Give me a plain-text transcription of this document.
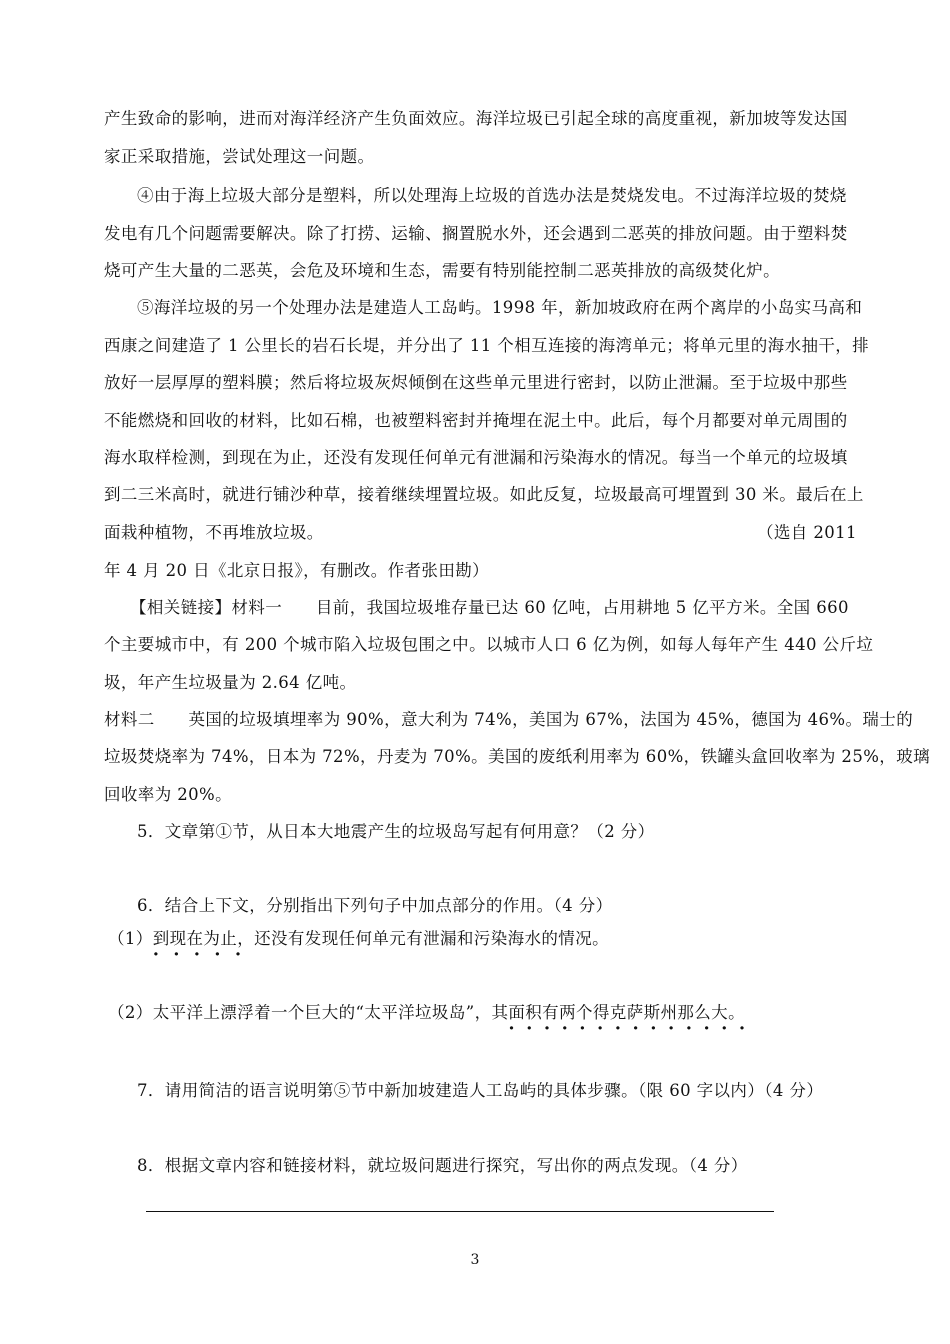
产生致命的影响，进而对海洋经济产生负面效应。海洋垃圾已引起全球的高度重视，新加坡等发达国
家正采取措施，尝试处理这一问题。
④由于海上垃圾大部分是塑料，所以处理海上垃圾的首选办法是焚烧发电。不过海洋垃圾的焚烧
发电有几个问题需要解决。除了打捞、运输、搁置脱水外，还会遇到二恶英的排放问题。由于塑料焚
烧可产生大量的二恶英，会危及环境和生态，需要有特别能控制二恶英排放的高级焚化炉。
⑤海洋垃圾的另一个处理办法是建造人工岛屿。1998 年，新加坡政府在两个离岸的小岛实马高和
西康之间建造了 1 公里长的岩石长堤，并分出了 11 个相互连接的海湾单元；将单元里的海水抽干，排
放好一层厚厚的塑料膜；然后将垃圾灰烬倾倒在这些单元里进行密封，以防止泄漏。至于垃圾中那些
不能燃烧和回收的材料，比如石棉，也被塑料密封并掩埋在泥土中。此后，每个月都要对单元周围的
海水取样检测，到现在为止，还没有发现任何单元有泄漏和污染海水的情况。每当一个单元的垃圾填
到二三米高时，就进行铺沙种草，接着继续埋置垃圾。如此反复，垃圾最高可埋置到 30 米。最后在上
面栽种植物，不再堆放垃圾。	（选自 2011
年 4 月 20 日《北京日报》，有删改。作者张田勘）
【相关链接】材料一　　目前，我国垃圾堆存量已达 60 亿吨，占用耕地 5 亿平方米。全国 660
个主要城市中，有 200 个城市陷入垃圾包围之中。以城市人口 6 亿为例，如每人每年产生 440 公斤垃
圾，年产生垃圾量为 2.64 亿吨。
材料二　　英国的垃圾填埋率为 90%，意大利为 74%，美国为 67%，法国为 45%，德国为 46%。瑞士的
垃圾焚烧率为 74%，日本为 72%，丹麦为 70%。美国的废纸利用率为 60%，铁罐头盒回收率为 25%，玻璃
回收率为 20%。
5．文章第①节，从日本大地震产生的垃圾岛写起有何用意？（2 分）
6．结合上下文，分别指出下列句子中加点部分的作用。（4 分）
（1）到现在为止 · · ·，还没有发现任何单元有泄漏和污染海水的情况。
（2）太平洋上漂浮着一个巨大的“太平洋垃圾岛”，其面积有两个得克萨斯州那么大 · · ·。
7．请用简洁的语言说明第⑤节中新加坡建造人工岛屿的具体步骤。（限 60 字以内）（4 分）
8．根据文章内容和链接材料，就垃圾问题进行探究，写出你的两点发现。（4 分）
3
